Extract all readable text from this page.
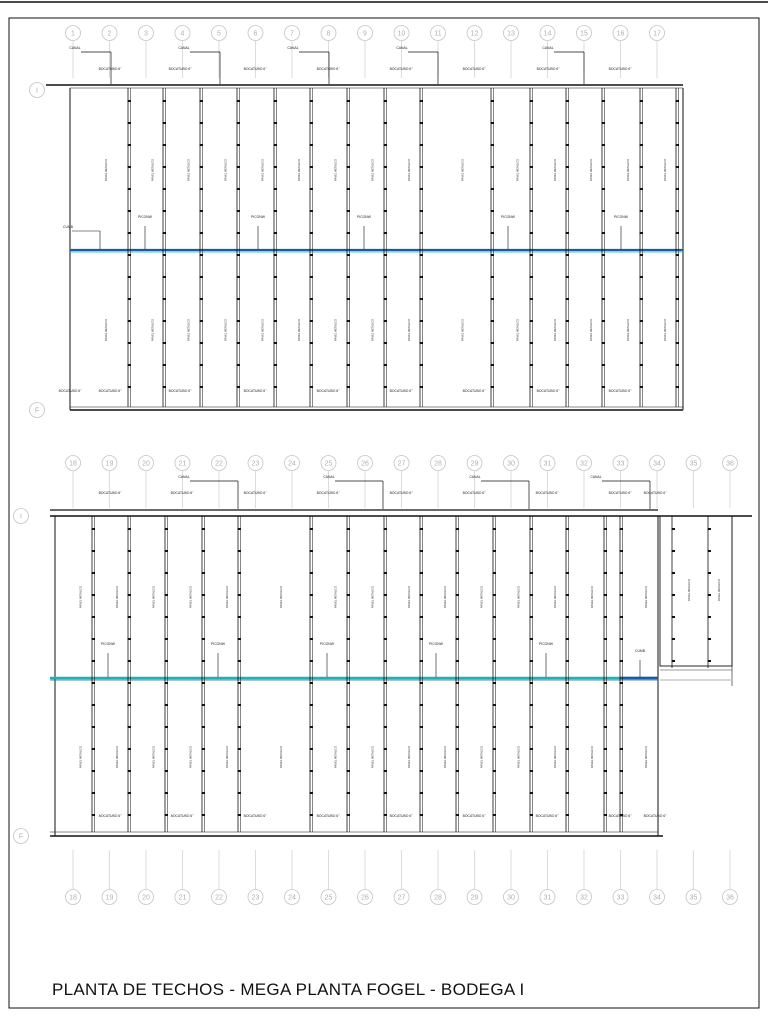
1	2	3	4	5	6	7	8	9	10	11	12	13	14	15	16	17
I
F
PANEL METALICO
PANEL METALICO
PANEL METALICO
PANEL METALICO
PANEL METALICO
PANEL METALICO
PANEL METALICO
PANEL METALICO
PANEL METALICO
PANEL METALICO
PANEL METALICO
PANEL METALICO
PANEL METALICO
PANEL METALICO
PANEL METALICO
PANEL METALICO
PANEL METALICO
PANEL METALICO
PANEL METALICO
PANEL METALICO
PANEL METALICO
PANEL METALICO
PANEL METALICO
PANEL METALICO
PANEL METALICO
PANEL METALICO
PANEL METALICO
PANEL METALICO
PANEL METALICO
PANEL METALICO
CANAL	CANAL	CANAL	CANAL	CANAL
BOCATUBO 6"	BOCATUBO 6"	BOCATUBO 6"	BOCATUBO 6"	BOCATUBO 6"	BOCATUBO 6"	BOCATUBO 6"	BOCATUBO 6"
BOCATUBO 6"	BOCATUBO 6"	BOCATUBO 6"	BOCATUBO 6"	BOCATUBO 6"	BOCATUBO 6"	BOCATUBO 6"	BOCATUBO 6"	BOCATUBO 6"
PICONW	PICONW	PICONW	PICONW	PICONW
CUMB
18	19	20	21	22	23	24	25	26	27	28	29	30	31	32	33	34	35	36
18	19	20	21	22	23	24	25	26	27	28	29	30	31	32	33	34	35	36
I
F
PANEL METALICO
PANEL METALICO
PANEL METALICO
PANEL METALICO
PANEL METALICO
PANEL METALICO
PANEL METALICO
PANEL METALICO
PANEL METALICO
PANEL METALICO
PANEL METALICO
PANEL METALICO
PANEL METALICO
PANEL METALICO
PANEL METALICO
PANEL METALICO
PANEL METALICO
PANEL METALICO
PANEL METALICO
PANEL METALICO
PANEL METALICO
PANEL METALICO
PANEL METALICO
PANEL METALICO
PANEL METALICO
PANEL METALICO
PANEL METALICO
PANEL METALICO
PANEL METALICO
PANEL METALICO
PANEL METALICO	PANEL METALICO
CANAL	CANAL	CANAL	CANAL
BOCATUBO 6"	BOCATUBO 6"	BOCATUBO 6"	BOCATUBO 6"	BOCATUBO 6"	BOCATUBO 6"	BOCATUBO 6"	BOCATUBO 6"	BOCATUBO 6"
BOCATUBO 6"	BOCATUBO 6"	BOCATUBO 6"	BOCATUBO 6"	BOCATUBO 6"	BOCATUBO 6"	BOCATUBO 6"	BOCATUBO 6"	BOCATUBO 6"
PICONW	PICONW	PICONW	PICONW	PICONW
CUMB
PLANTA DE TECHOS - MEGA PLANTA FOGEL - BODEGA I
